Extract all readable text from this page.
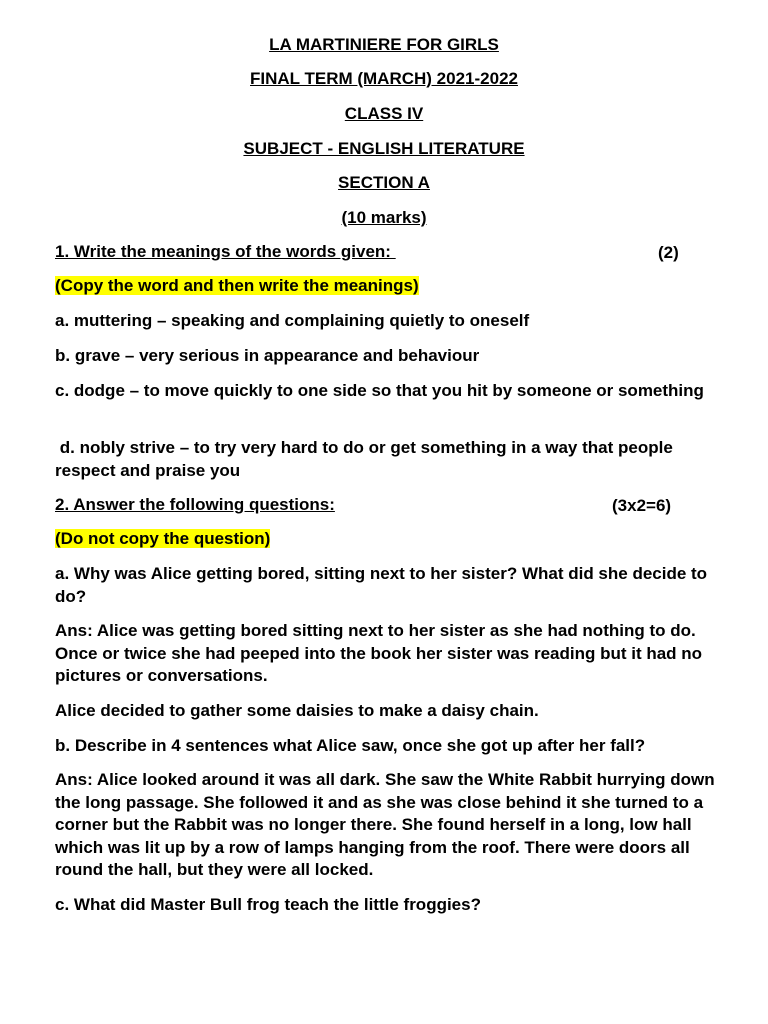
LA MARTINIERE FOR GIRLS
FINAL TERM (MARCH) 2021-2022
CLASS IV
SUBJECT - ENGLISH LITERATURE
SECTION A
(10 marks)
1. Write the meanings of the words given:	(2)
(Copy the word and then write the meanings)
a. muttering – speaking and complaining quietly to oneself
b. grave – very serious in appearance and behaviour
c. dodge – to move quickly to one side so that you hit by someone or something
d. nobly strive – to try very hard to do or get something in a way that people respect and praise you
2. Answer the following questions:	(3x2=6)
(Do not copy the question)
a. Why was Alice getting bored, sitting next to her sister? What did she decide to do?
Ans: Alice was getting bored sitting next to her sister as she had nothing to do. Once or twice she had peeped into the book her sister was reading but it had no pictures or conversations.
Alice decided to gather some daisies to make a daisy chain.
b. Describe in 4 sentences what Alice saw, once she got up after her fall?
Ans: Alice looked around it was all dark. She saw the White Rabbit hurrying down the long passage. She followed it and as she was close behind it she turned to a corner but the Rabbit was no longer there. She found herself in a long, low hall which was lit up by a row of lamps hanging from the roof. There were doors all round the hall, but they were all locked.
c. What did Master Bull frog teach the little froggies?
